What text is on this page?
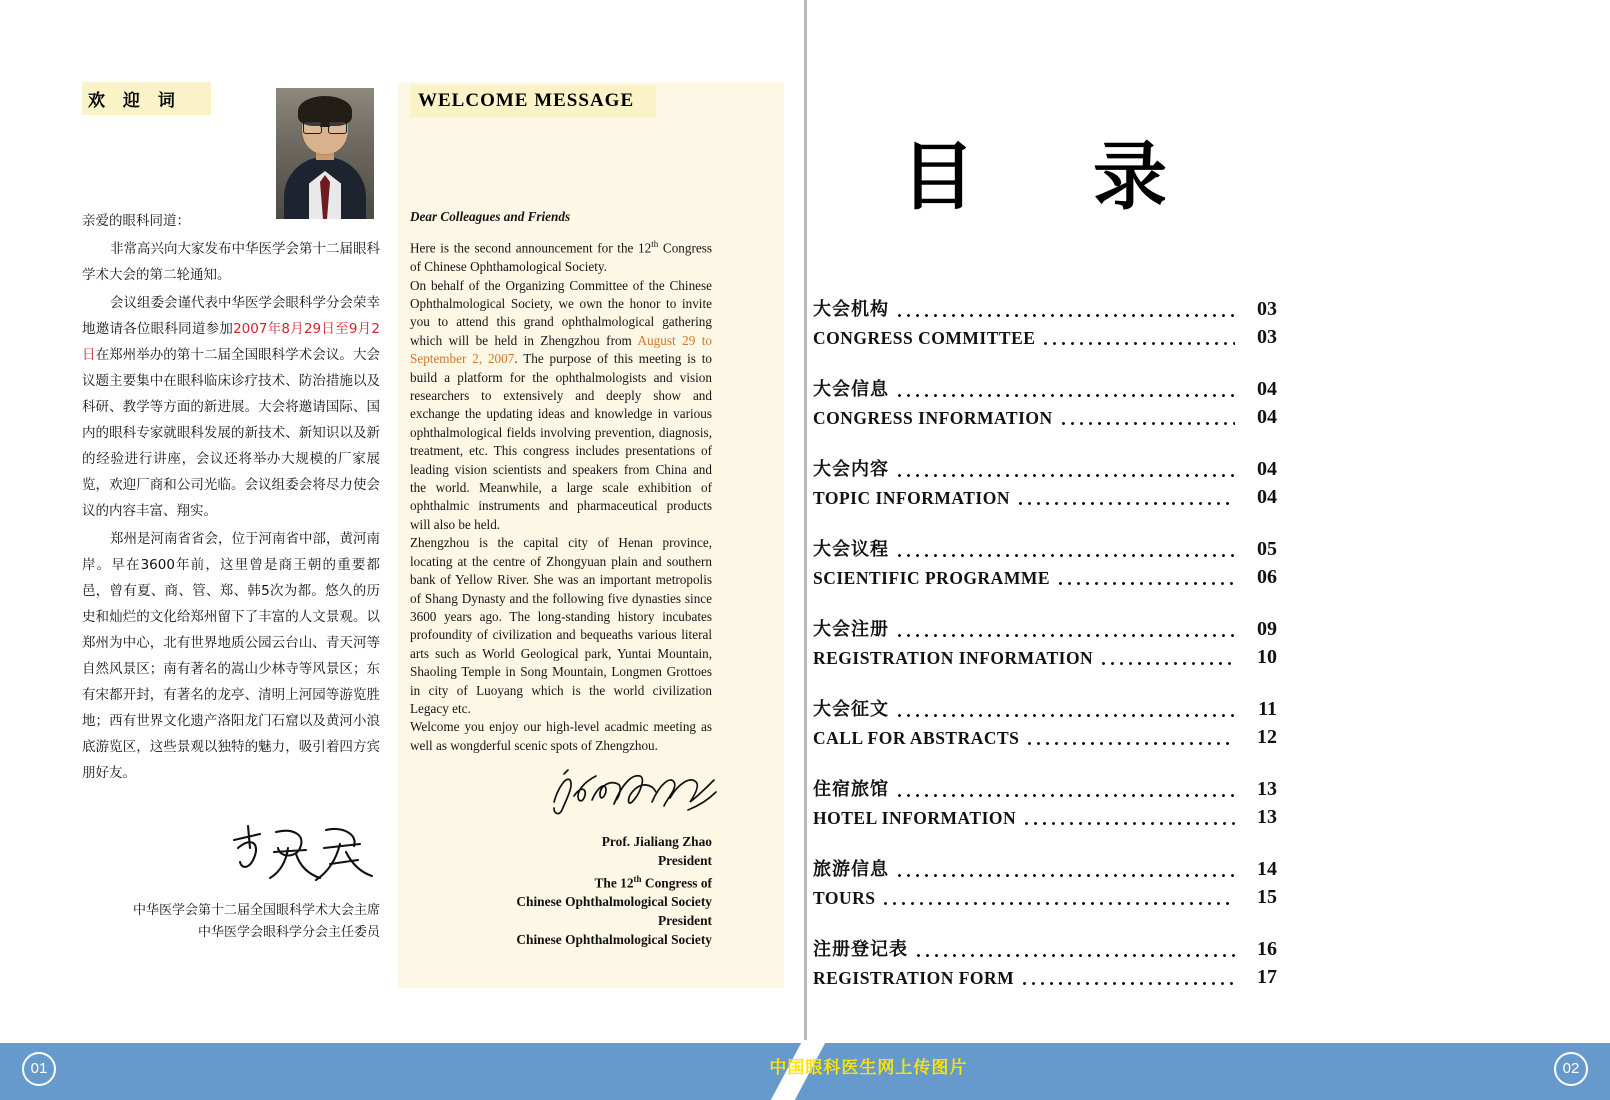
欢 迎 词

亲爱的眼科同道：

非常高兴向大家发布中华医学会第十二届眼科学术大会的第二轮通知。

会议组委会谨代表中华医学会眼科学分会荣幸地邀请各位眼科同道参加2007年8月29日至9月2日在郑州举办的第十二届全国眼科学术会议。大会议题主要集中在眼科临床诊疗技术、防治措施以及科研、教学等方面的新进展。大会将邀请国际、国内的眼科专家就眼科发展的新技术、新知识以及新的经验进行讲座，会议还将举办大规模的厂家展览，欢迎厂商和公司光临。会议组委会将尽力使会议的内容丰富、翔实。

郑州是河南省省会，位于河南省中部，黄河南岸。早在3600年前，这里曾是商王朝的重要都邑，曾有夏、商、管、郑、韩5次为都。悠久的历史和灿烂的文化给郑州留下了丰富的人文景观。以郑州为中心，北有世界地质公园云台山、青天河等自然风景区；南有著名的嵩山少林寺等风景区；东有宋都开封，有著名的龙亭、清明上河园等游览胜地；西有世界文化遗产洛阳龙门石窟以及黄河小浪底游览区，这些景观以独特的魅力，吸引着四方宾朋好友。

中华医学会第十二届全国眼科学术大会主席
中华医学会眼科学分会主任委员
WELCOME MESSAGE
Dear Colleagues and Friends

Here is the second announcement for the 12th Congress of Chinese Ophthamological Society.

On behalf of the Organizing Committee of the Chinese Ophthalmological Society, we own the honor to invite you to attend this grand ophthalmological gathering which will be held in Zhengzhou from August 29 to September 2, 2007. The purpose of this meeting is to build a platform for the ophthalmologists and vision researchers to extensively and deeply show and exchange the updating ideas and knowledge in various ophthalmological fields involving prevention, diagnosis, treatment, etc. This congress includes presentations of leading vision scientists and speakers from China and the world. Meanwhile, a large scale exhibition of ophthalmic instruments and pharmaceutical products will also be held.

Zhengzhou is the capital city of Henan province, locating at the centre of Zhongyuan plain and southern bank of Yellow River. She was an important metropolis of Shang Dynasty and the following five dynasties since 3600 years ago. The long-standing history incubates profoundity of civilization and bequeaths various literal arts such as World Geological park, Yuntai Mountain, Shaoling Temple in Song Mountain, Longmen Grottoes in city of Luoyang which is the world civilization Legacy etc.

Welcome you enjoy our high-level acadmic meeting as well as wongderful scenic spots of Zhengzhou.

Prof. Jialiang Zhao
President
The 12th Congress of
Chinese Ophthalmological Society
President
Chinese Ophthalmological Society
目　录
大会机构	03
CONGRESS COMMITTEE	03
大会信息	04
CONGRESS INFORMATION	04
大会内容	04
TOPIC INFORMATION	04
大会议程	05
SCIENTIFIC PROGRAMME	06
大会注册	09
REGISTRATION INFORMATION	10
大会征文	11
CALL FOR ABSTRACTS	12
住宿旅馆	13
HOTEL INFORMATION	13
旅游信息	14
TOURS	15
注册登记表	16
REGISTRATION FORM	17
01	中国眼科医生网上传图片	02
